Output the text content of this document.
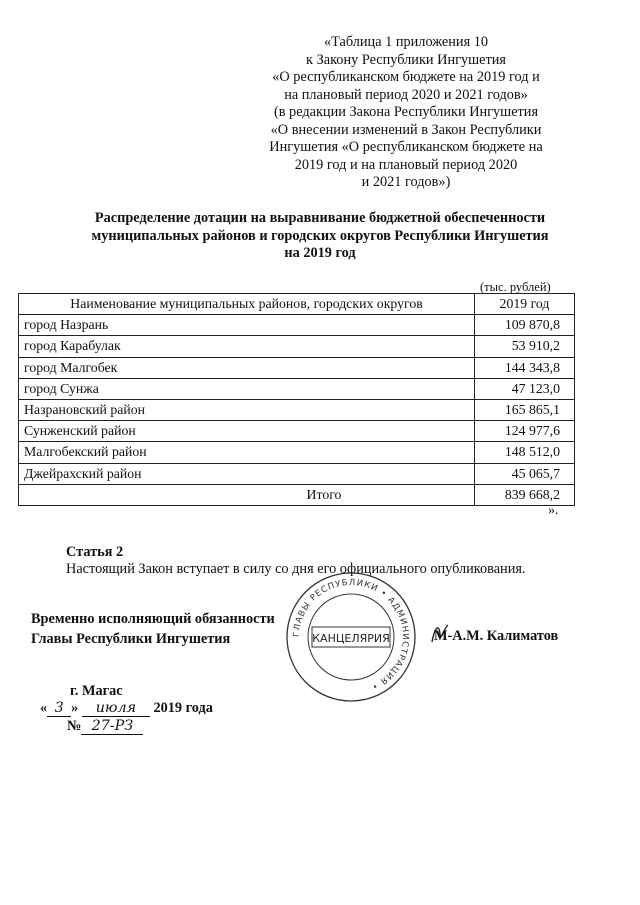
«Таблица 1 приложения 10
к Закону Республики Ингушетия
«О республиканском бюджете на 2019 год и
на плановый период 2020 и 2021 годов»
(в редакции Закона Республики Ингушетия
«О внесении изменений в Закон Республики
Ингушетия «О республиканском бюджете на
2019 год и на плановый период 2020
и 2021 годов»)
Распределение дотации на выравнивание бюджетной обеспеченности
муниципальных районов и городских округов Республики Ингушетия
на 2019 год
(тыс. рублей)
Наименование муниципальных районов, городских округов	2019 год
город Назрань	109 870,8
город Карабулак	53 910,2
город Малгобек	144 343,8
город Сунжа	47 123,0
Назрановский район	165 865,1
Сунженский район	124 977,6
Малгобекский район	148 512,0
Джейрахский район	45 065,7
Итого	839 668,2
».
Статья 2
Настоящий Закон вступает в силу со дня его официального опубликования.
Временно исполняющий обязанности
Главы Республики Ингушетия	ГЛАВЫ РЕСПУБЛИКИ • АДМИНИСТРАЦИЯ •
КАНЦЕЛЯРИЯ	М-А.М. Калиматов
г. Магас
« 3 » июля 2019 года
№ 27-РЗ
